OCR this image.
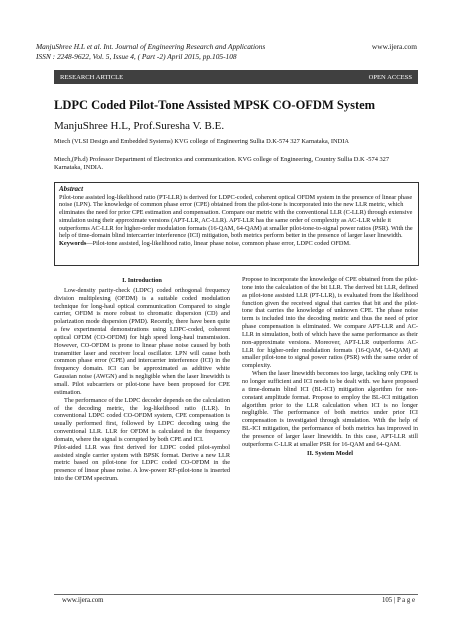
ManjuShree H.L et al. Int. Journal of Engineering Research and Applications
ISSN : 2248-9622, Vol. 5, Issue 4, ( Part -2) April 2015, pp.105-108
www.ijera.com
RESEARCH ARTICLE	OPEN ACCESS
LDPC Coded Pilot-Tone Assisted MPSK CO-OFDM System
ManjuShree H.L, Prof.Suresha V. B.E.
Mtech (VLSI Design and Embedded Systems) KVG college of Engineering Sullia D.K-574 327 Karnataka, INDIA
Mtech,(Ph.d) Professor Department of Electronics and communication. KVG college of Engineering, Country Sullia D.K -574 327 Karnataka, INDIA.
Abstract
Pilot-tone assisted log-likelihood ratio (PT-LLR) is derived for LDPC-coded, coherent optical OFDM system in the presence of linear phase noise (LPN). The knowledge of common phase error (CPE) obtained from the pilot-tone is incorporated into the new LLR metric, which eliminates the need for prior CPE estimation and compensation. Compare our metric with the conventional LLR (C-LLR) through extensive simulation using their approximate versions (APT-LLR, AC-LLR). APT-LLR has the same order of complexity as AC-LLR while it outperforms AC-LLR for higher-order modulation formats (16-QAM, 64-QAM) at smaller pilot-tone-to-signal power ratios (PSR). With the help of time-domain blind intercarrier interference (ICI) mitigation, both metrics perform better in the presence of larger laser linewidth.
Keywords—Pilot-tone assisted, log-likelihood ratio, linear phase noise, common phase error, LDPC coded OFDM.
I. Introduction

Low-density parity-check (LDPC) coded orthogonal frequency division multiplexing (OFDM) is a suitable coded modulation technique for long-haul optical communication Compared to single carrier, OFDM is more robust to chromatic dispersion (CD) and polarization mode dispersion (PMD). Recently, there have been quite a few experimental demonstrations using LDPC-coded, coherent optical OFDM (CO-OFDM) for high speed long-haul transmission. However, CO-OFDM is prone to linear phase noise caused by both transmitter laser and receiver local oscillator. LPN will cause both common phase error (CPE) and intercarrier interference (ICI) in the frequency domain. ICI can be approximated as additive white Gaussian noise (AWGN) and is negligible when the laser linewidth is small. Pilot subcarriers or pilot-tone have been proposed for CPE estimation.

The performance of the LDPC decoder depends on the calculation of the decoding metric, the log-likelihood ratio (LLR). In conventional LDPC coded CO-OFDM system, CPE compensation is usually performed first, followed by LDPC decoding using the conventional LLR. LLR for OFDM is calculated in the frequency domain, where the signal is corrupted by both CPE and ICI.

Pilot-aided LLR was first derived for LDPC coded pilot-symbol assisted single carrier system with BPSK format. Derive a new LLR metric based on pilot-tone for LDPC coded CO-OFDM in the presence of linear phase noise. A low-power RF-pilot-tone is inserted into the OFDM spectrum.

Propose to incorporate the knowledge of CPE obtained from the pilot-tone into the calculation of the bit LLR. The derived bit LLR, defined as pilot-tone assisted LLR (PT-LLR), is evaluated from the likelihood function given the received signal that carries that bit and the pilot-tone that carries the knowledge of unknown CPE. The phase noise term is included into the decoding metric and thus the need of prior phase compensation is eliminated. We compare APT-LLR and AC-LLR in simulation, both of which have the same performance as their non-approximate versions. Moreover, APT-LLR outperforms AC-LLR for higher-order modulation formats (16-QAM, 64-QAM) at smaller pilot-tone to signal power ratios (PSR) with the same order of complexity.

When the laser linewidth becomes too large, tackling only CPE is no longer sufficient and ICI needs to be dealt with. we have proposed a time-domain blind ICI (BL-ICI) mitigation algorithm for non-constant amplitude format. Propose to employ the BL-ICI mitigation algorithm prior to the LLR calculation when ICI is no longer negligible. The performance of both metrics under prior ICI compensation is investigated through simulation. With the help of BL-ICI mitigation, the performance of both metrics has improved in the presence of larger laser linewidth. In this case, APT-LLR still outperforms C-LLR at smaller PSR for 16-QAM and 64-QAM.

II. System Model
www.ijera.com	105 | P a g e
